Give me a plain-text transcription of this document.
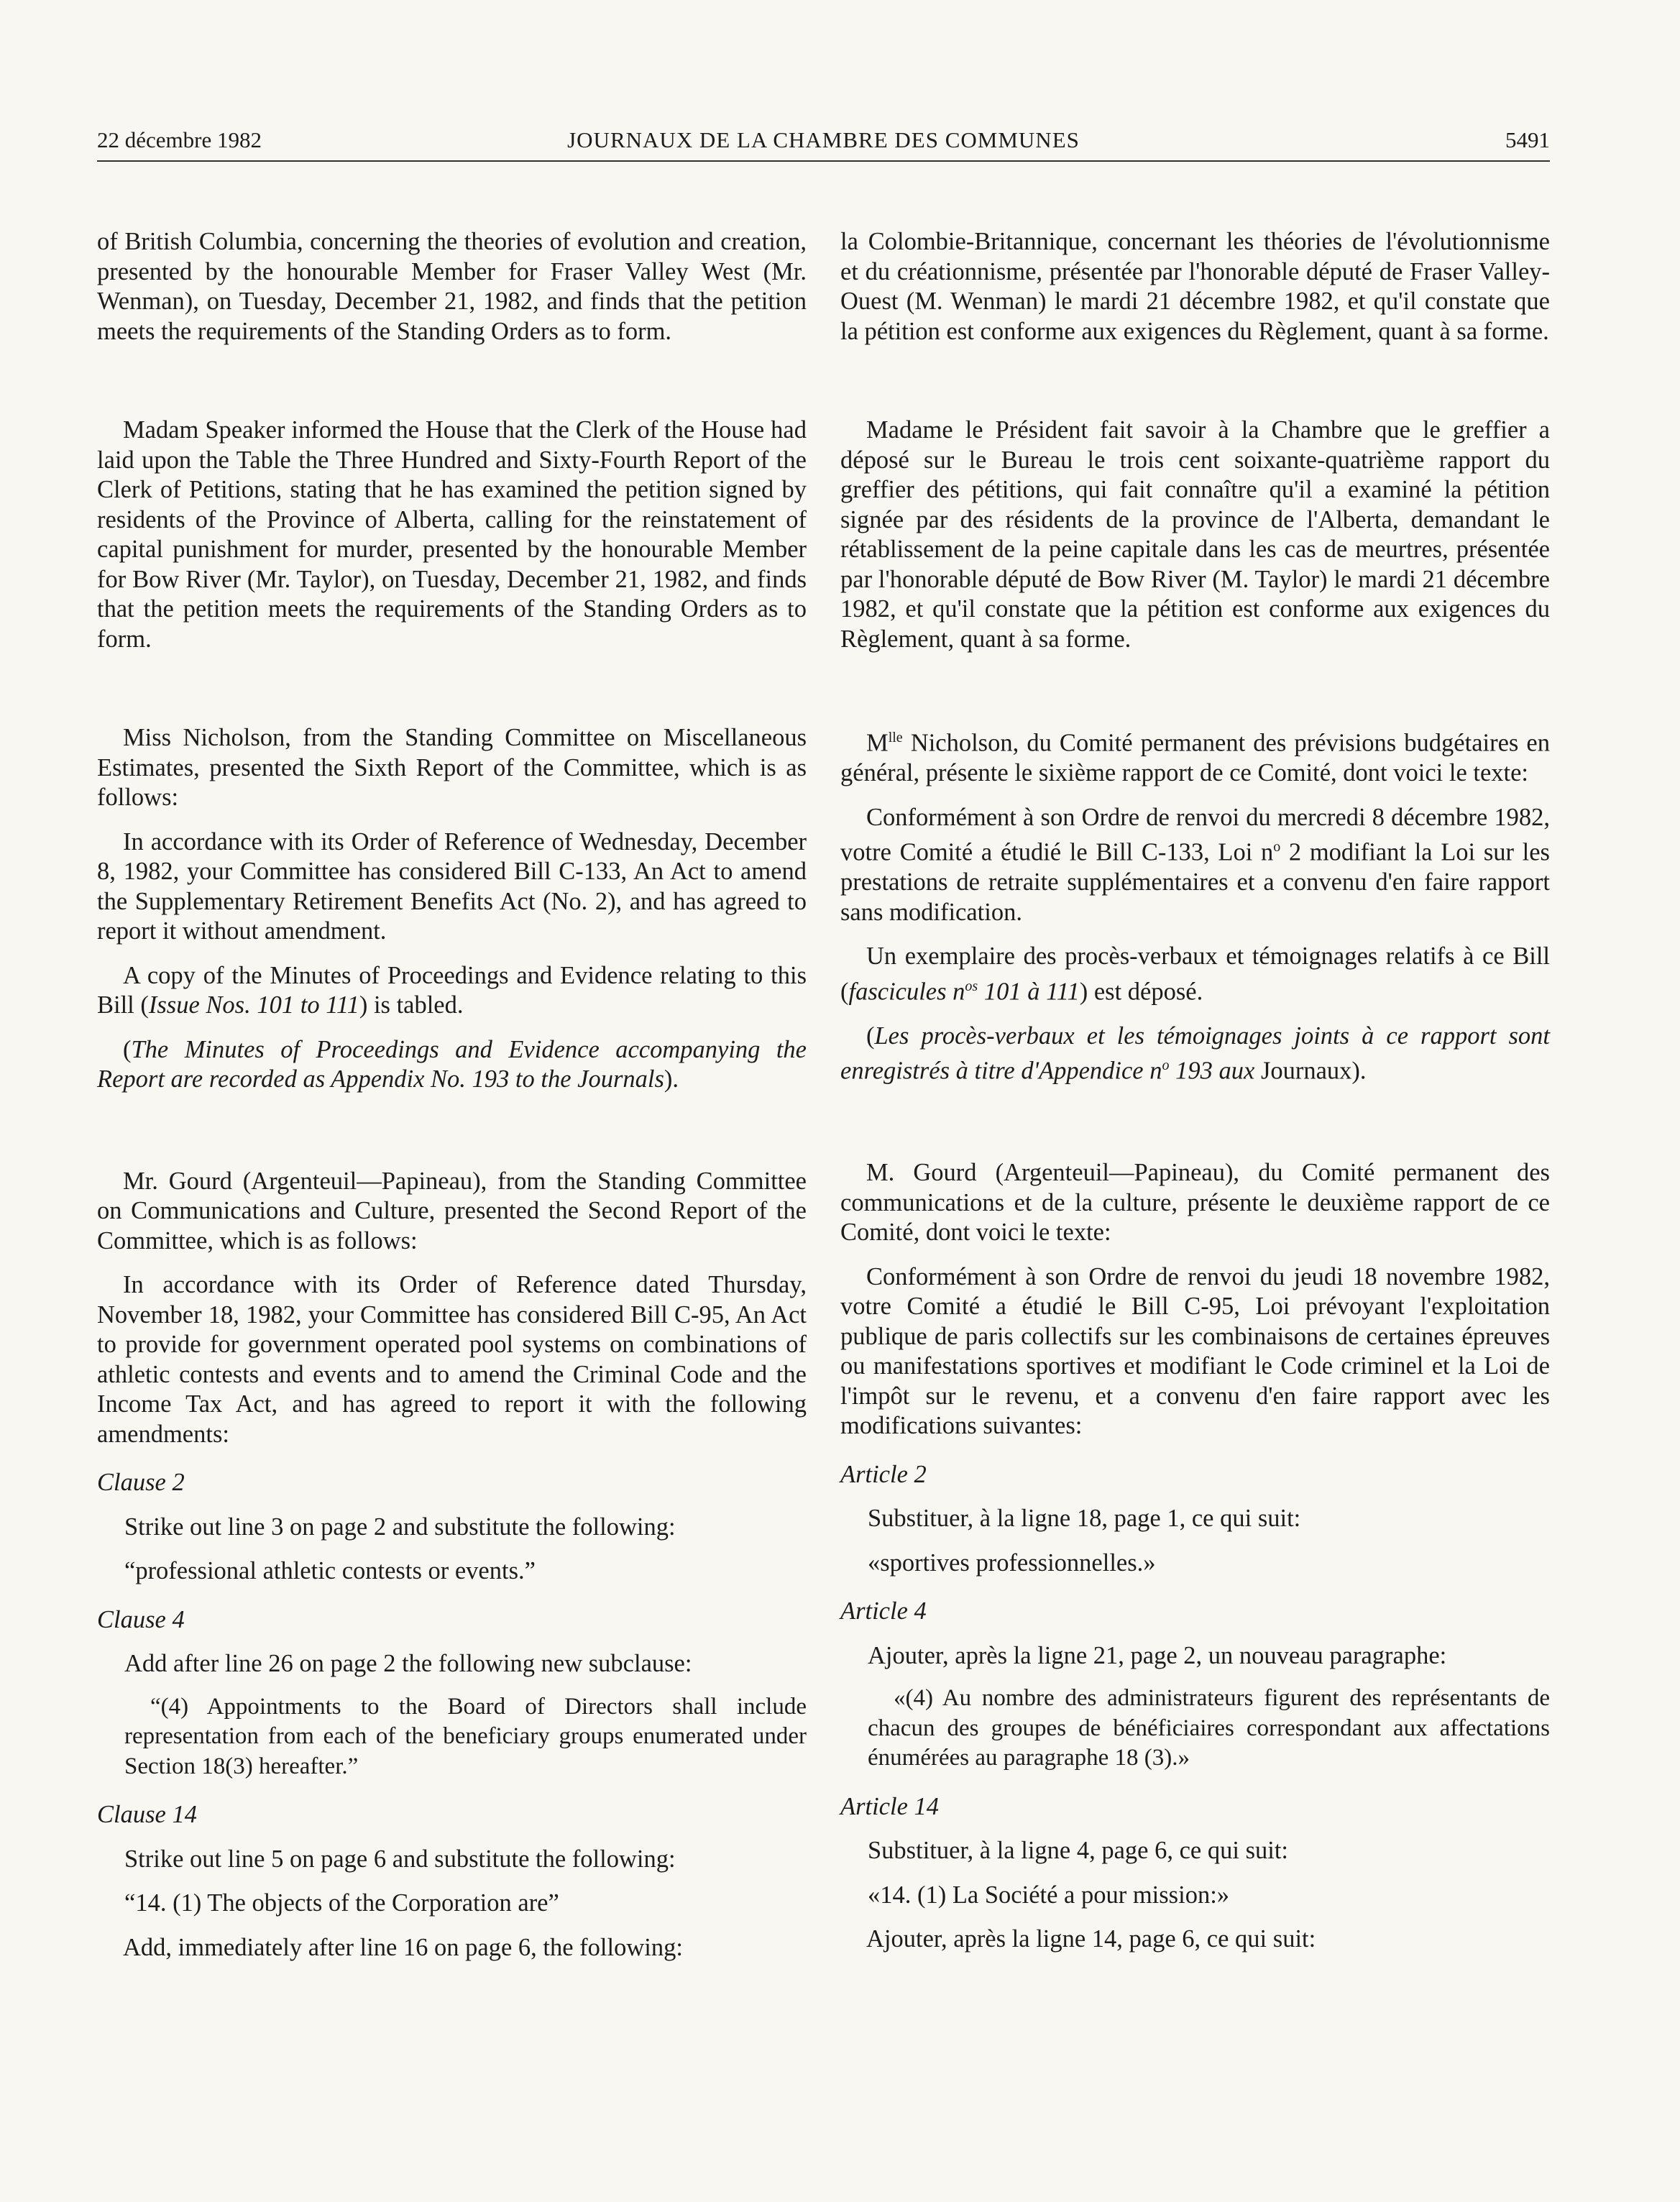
22 décembre 1982	JOURNAUX DE LA CHAMBRE DES COMMUNES	5491

of British Columbia, concerning the theories of evolution and creation, presented by the honourable Member for Fraser Valley West (Mr. Wenman), on Tuesday, December 21, 1982, and finds that the petition meets the requirements of the Standing Orders as to form.

Madam Speaker informed the House that the Clerk of the House had laid upon the Table the Three Hundred and Sixty-Fourth Report of the Clerk of Petitions, stating that he has examined the petition signed by residents of the Province of Alberta, calling for the reinstatement of capital punishment for murder, presented by the honourable Member for Bow River (Mr. Taylor), on Tuesday, December 21, 1982, and finds that the petition meets the requirements of the Standing Orders as to form.

Miss Nicholson, from the Standing Committee on Miscellaneous Estimates, presented the Sixth Report of the Committee, which is as follows:

In accordance with its Order of Reference of Wednesday, December 8, 1982, your Committee has considered Bill C-133, An Act to amend the Supplementary Retirement Benefits Act (No. 2), and has agreed to report it without amendment.

A copy of the Minutes of Proceedings and Evidence relating to this Bill (Issue Nos. 101 to 111) is tabled.

(The Minutes of Proceedings and Evidence accompanying the Report are recorded as Appendix No. 193 to the Journals).

Mr. Gourd (Argenteuil—Papineau), from the Standing Committee on Communications and Culture, presented the Second Report of the Committee, which is as follows:

In accordance with its Order of Reference dated Thursday, November 18, 1982, your Committee has considered Bill C-95, An Act to provide for government operated pool systems on combinations of athletic contests and events and to amend the Criminal Code and the Income Tax Act, and has agreed to report it with the following amendments:

Clause 2

Strike out line 3 on page 2 and substitute the following:

“professional athletic contests or events.”

Clause 4

Add after line 26 on page 2 the following new subclause:

“(4) Appointments to the Board of Directors shall include representation from each of the beneficiary groups enumerated under Section 18(3) hereafter.”

Clause 14

Strike out line 5 on page 6 and substitute the following:

“14. (1) The objects of the Corporation are”

Add, immediately after line 16 on page 6, the following:

la Colombie-Britannique, concernant les théories de l'évolutionnisme et du créationnisme, présentée par l'honorable député de Fraser Valley-Ouest (M. Wenman) le mardi 21 décembre 1982, et qu'il constate que la pétition est conforme aux exigences du Règlement, quant à sa forme.

Madame le Président fait savoir à la Chambre que le greffier a déposé sur le Bureau le trois cent soixante-quatrième rapport du greffier des pétitions, qui fait connaître qu'il a examiné la pétition signée par des résidents de la province de l'Alberta, demandant le rétablissement de la peine capitale dans les cas de meurtres, présentée par l'honorable député de Bow River (M. Taylor) le mardi 21 décembre 1982, et qu'il constate que la pétition est conforme aux exigences du Règlement, quant à sa forme.

$M^{lle}$ Nicholson, du Comité permanent des prévisions budgétaires en général, présente le sixième rapport de ce Comité, dont voici le texte:

Conformément à son Ordre de renvoi du mercredi 8 décembre 1982, votre Comité a étudié le Bill C-133, Loi $n^o$ 2 modifiant la Loi sur les prestations de retraite supplémentaires et a convenu d'en faire rapport sans modification.

Un exemplaire des procès-verbaux et témoignages relatifs à ce Bill (fascicules $n^{os}$ 101 à 111) est déposé.

(Les procès-verbaux et les témoignages joints à ce rapport sont enregistrés à titre d'Appendice $n^o$ 193 aux Journaux).

M. Gourd (Argenteuil—Papineau), du Comité permanent des communications et de la culture, présente le deuxième rapport de ce Comité, dont voici le texte:

Conformément à son Ordre de renvoi du jeudi 18 novembre 1982, votre Comité a étudié le Bill C-95, Loi prévoyant l'exploitation publique de paris collectifs sur les combinaisons de certaines épreuves ou manifestations sportives et modifiant le Code criminel et la Loi de l'impôt sur le revenu, et a convenu d'en faire rapport avec les modifications suivantes:

Article 2

Substituer, à la ligne 18, page 1, ce qui suit:

«sportives professionnelles.»

Article 4

Ajouter, après la ligne 21, page 2, un nouveau paragraphe:

«(4) Au nombre des administrateurs figurent des représentants de chacun des groupes de bénéficiaires correspondant aux affectations énumérées au paragraphe 18 (3).»

Article 14

Substituer, à la ligne 4, page 6, ce qui suit:

«14. (1) La Société a pour mission:»

Ajouter, après la ligne 14, page 6, ce qui suit:
